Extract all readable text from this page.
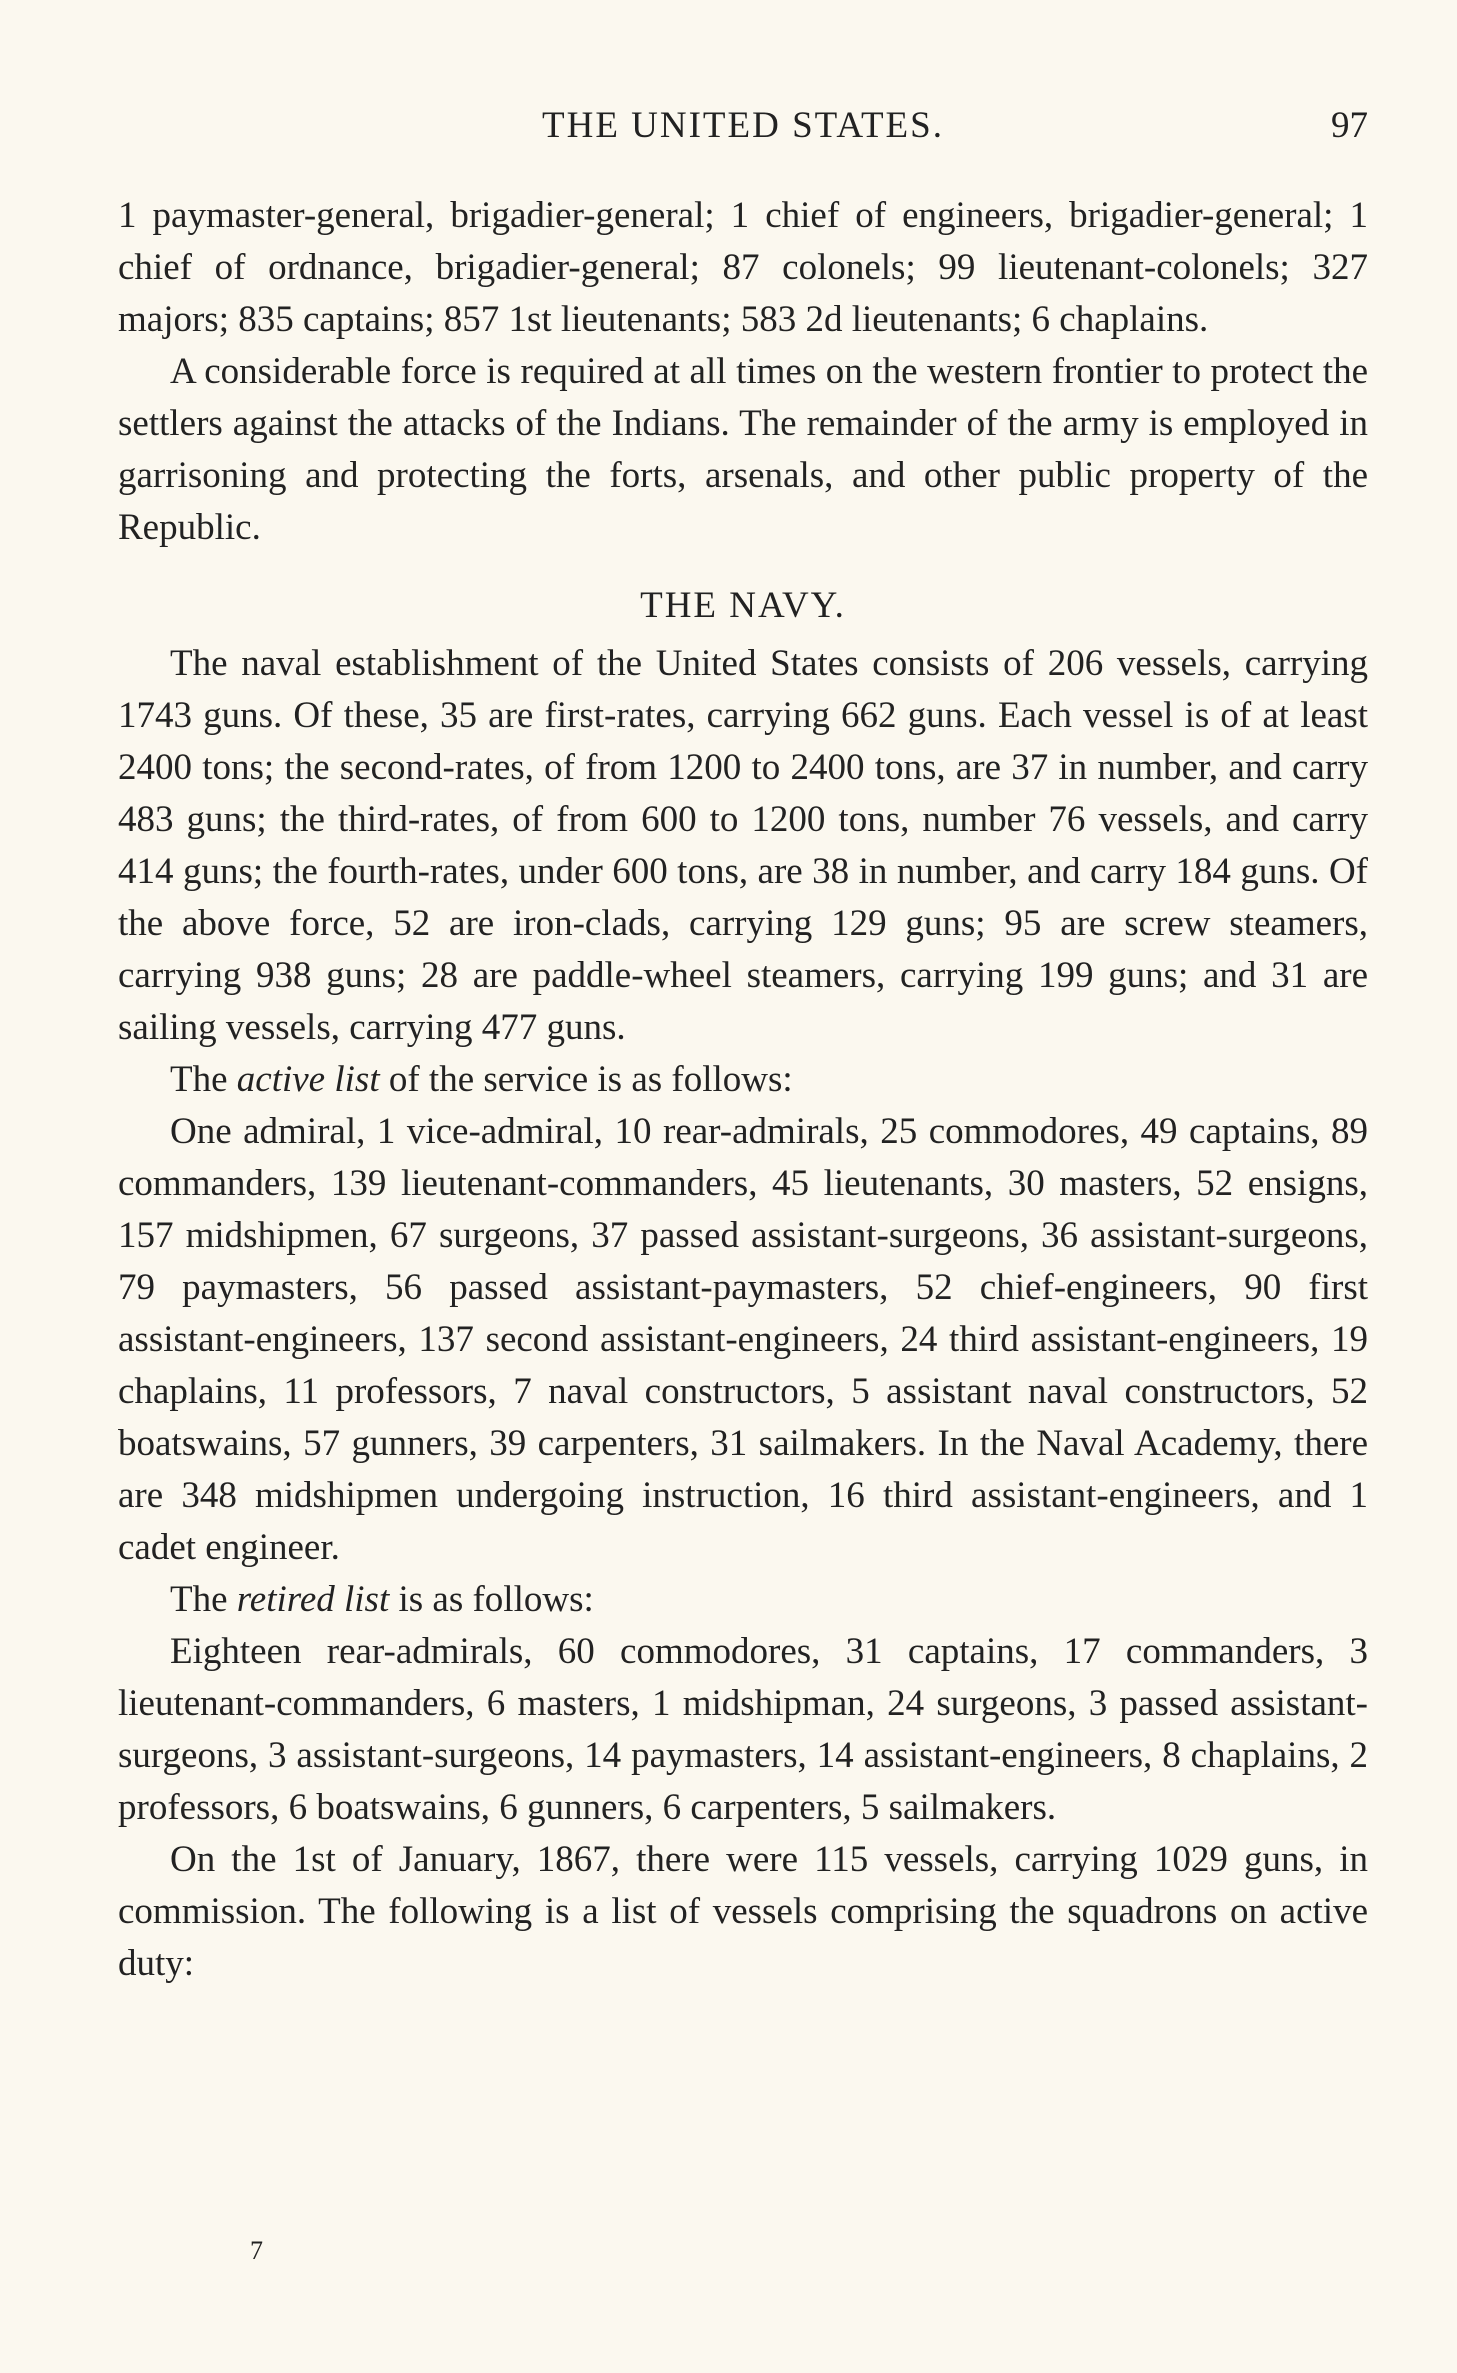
THE UNITED STATES.	97

1 paymaster-general, brigadier-general; 1 chief of engineers, brigadier-general; 1 chief of ordnance, brigadier-general; 87 colonels; 99 lieutenant-colonels; 327 majors; 835 captains; 857 1st lieutenants; 583 2d lieutenants; 6 chaplains.

A considerable force is required at all times on the western frontier to protect the settlers against the attacks of the Indians. The remainder of the army is employed in garrisoning and protecting the forts, arsenals, and other public property of the Republic.

THE NAVY.

The naval establishment of the United States consists of 206 vessels, carrying 1743 guns. Of these, 35 are first-rates, carrying 662 guns. Each vessel is of at least 2400 tons; the second-rates, of from 1200 to 2400 tons, are 37 in number, and carry 483 guns; the third-rates, of from 600 to 1200 tons, number 76 vessels, and carry 414 guns; the fourth-rates, under 600 tons, are 38 in number, and carry 184 guns. Of the above force, 52 are iron-clads, carrying 129 guns; 95 are screw steamers, carrying 938 guns; 28 are paddle-wheel steamers, carrying 199 guns; and 31 are sailing vessels, carrying 477 guns.

The active list of the service is as follows:

One admiral, 1 vice-admiral, 10 rear-admirals, 25 commodores, 49 captains, 89 commanders, 139 lieutenant-commanders, 45 lieutenants, 30 masters, 52 ensigns, 157 midshipmen, 67 surgeons, 37 passed assistant-surgeons, 36 assistant-surgeons, 79 paymasters, 56 passed assistant-paymasters, 52 chief-engineers, 90 first assistant-engineers, 137 second assistant-engineers, 24 third assistant-engineers, 19 chaplains, 11 professors, 7 naval constructors, 5 assistant naval constructors, 52 boatswains, 57 gunners, 39 carpenters, 31 sailmakers. In the Naval Academy, there are 348 midshipmen undergoing instruction, 16 third assistant-engineers, and 1 cadet engineer.

The retired list is as follows:

Eighteen rear-admirals, 60 commodores, 31 captains, 17 commanders, 3 lieutenant-commanders, 6 masters, 1 midshipman, 24 surgeons, 3 passed assistant-surgeons, 3 assistant-surgeons, 14 paymasters, 14 assistant-engineers, 8 chaplains, 2 professors, 6 boatswains, 6 gunners, 6 carpenters, 5 sailmakers.

On the 1st of January, 1867, there were 115 vessels, carrying 1029 guns, in commission. The following is a list of vessels comprising the squadrons on active duty:

7
